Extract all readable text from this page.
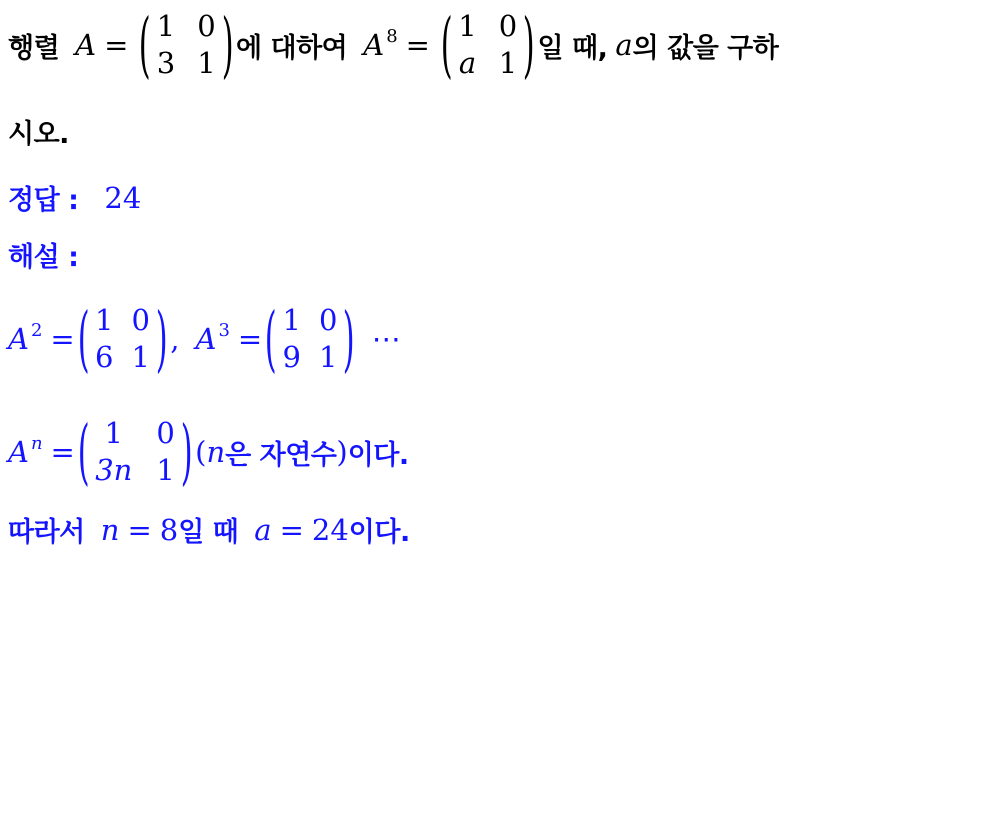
행렬 A = ( 1 0
3 1 ) 에 대하여 A 8 = ( 1 0
a 1 ) 일 때, a 의 값을 구하
시오.
정답 : 24
해설 :
A 2 = ( 1 0
6 1 ) , A 3 = ( 1 0
9 1 ) ⋯
A n = ( 1 0
3n 1 ) ( n 은 자연수 ) 이다.
따라서 n = 8 일 때 a = 24 이다.
